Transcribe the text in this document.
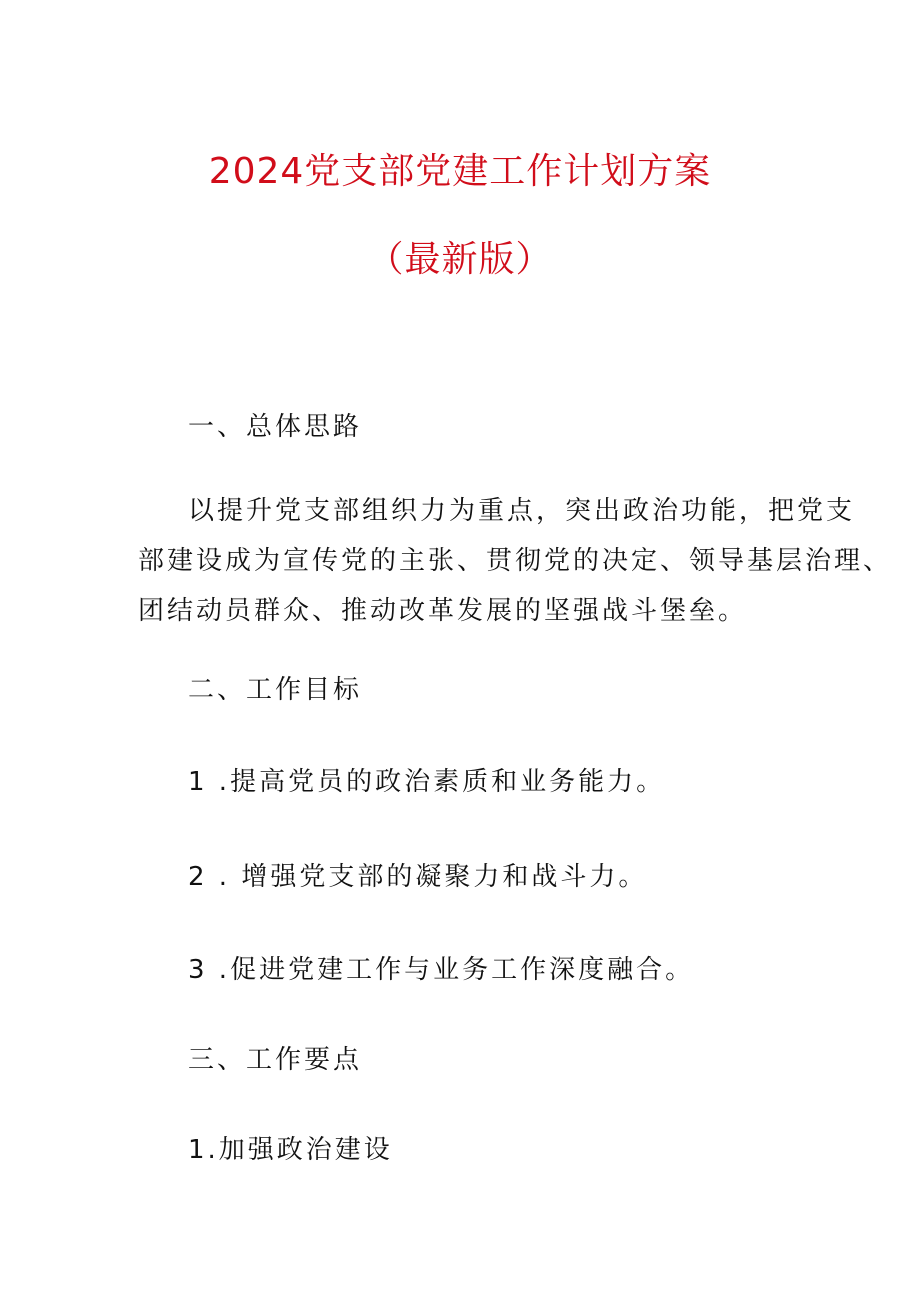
2024党支部党建工作计划方案
（最新版）

一、总体思路

以提升党支部组织力为重点，突出政治功能，把党支

部建设成为宣传党的主张、贯彻党的决定、领导基层治理、

团结动员群众、推动改革发展的坚强战斗堡垒。

二、工作目标

1 .提高党员的政治素质和业务能力。

2 . 增强党支部的凝聚力和战斗力。

3 .促进党建工作与业务工作深度融合。

三、工作要点

1.加强政治建设
